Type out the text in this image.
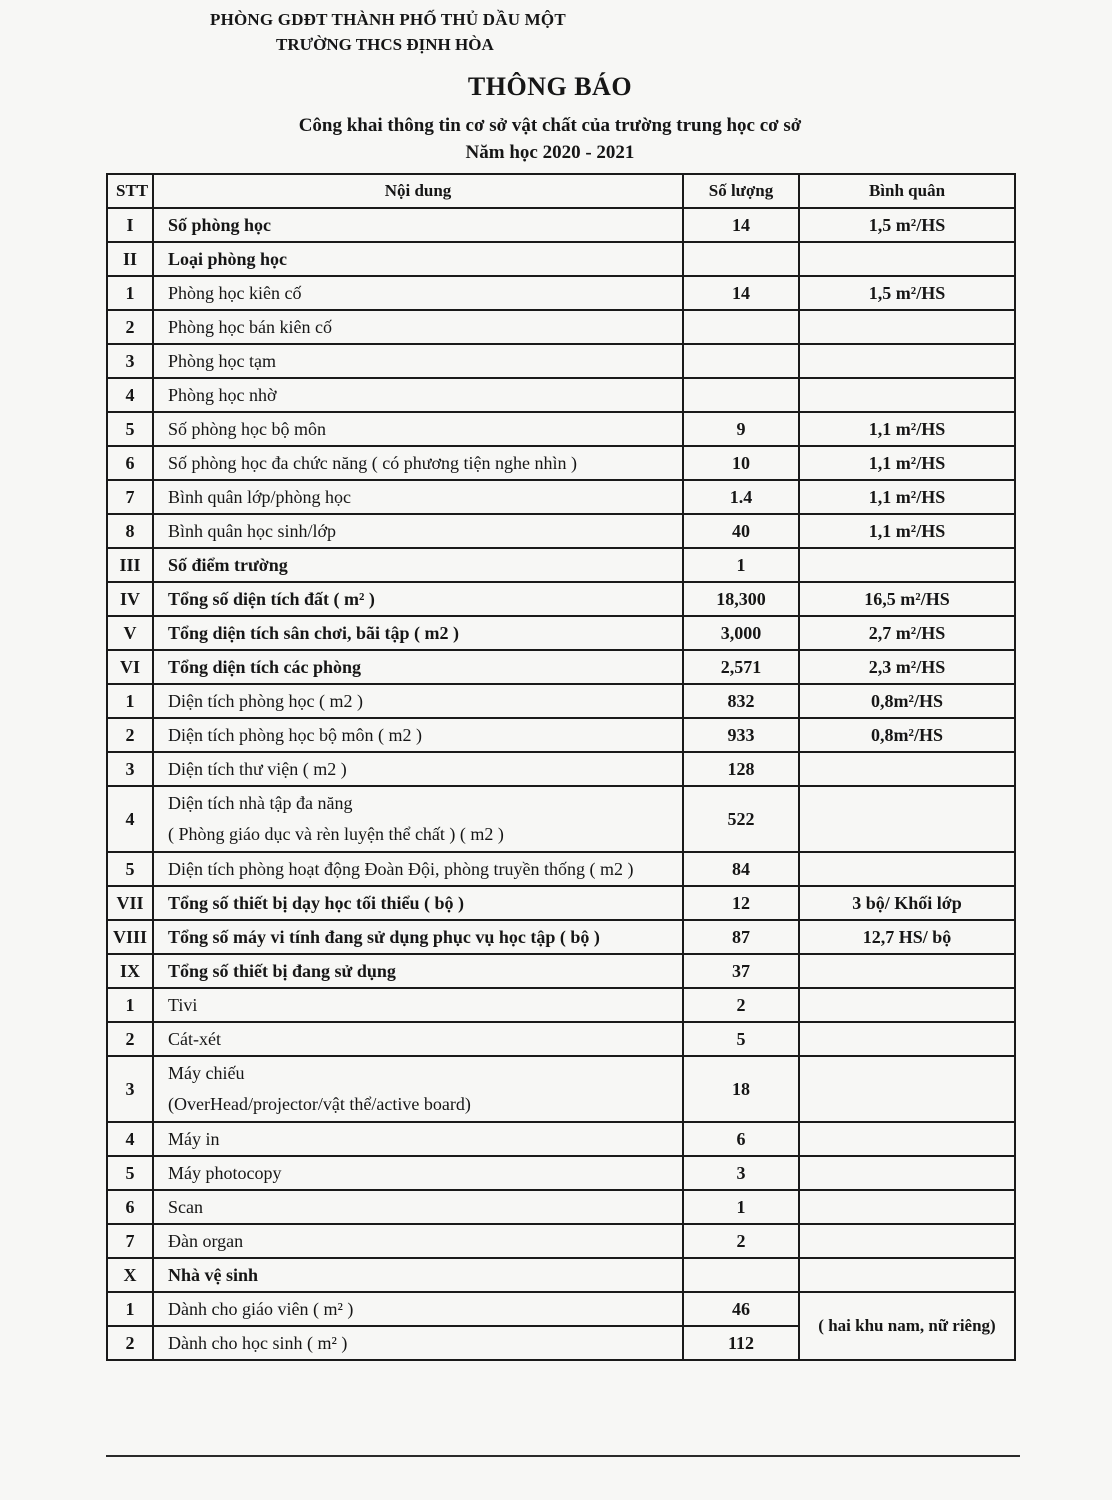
PHÒNG GDĐT THÀNH PHỐ THỦ DẦU MỘT
TRƯỜNG THCS ĐỊNH HÒA
THÔNG BÁO
Công khai thông tin cơ sở vật chất của trường trung học cơ sở
Năm học 2020 - 2021
STT	Nội dung	Số lượng	Bình quân
I	Số phòng học	14	1,5 m²/HS
II	Loại phòng học		
1	Phòng học kiên cố	14	1,5 m²/HS
2	Phòng học bán kiên cố		
3	Phòng học tạm		
4	Phòng học nhờ		
5	Số phòng học bộ môn	9	1,1 m²/HS
6	Số phòng học đa chức năng ( có phương tiện nghe nhìn )	10	1,1 m²/HS
7	Bình quân lớp/phòng học	1.4	1,1 m²/HS
8	Bình quân học sinh/lớp	40	1,1 m²/HS
III	Số điểm trường	1	
IV	Tổng số diện tích đất ( m² )	18,300	16,5 m²/HS
V	Tổng diện tích sân chơi, bãi tập ( m2 )	3,000	2,7 m²/HS
VI	Tổng diện tích các phòng	2,571	2,3 m²/HS
1	Diện tích phòng học ( m2 )	832	0,8m²/HS
2	Diện tích phòng học bộ môn ( m2 )	933	0,8m²/HS
3	Diện tích thư viện ( m2 )	128	
4	Diện tích nhà tập đa năng
( Phòng giáo dục và rèn luyện thể chất ) ( m2 )	522	
5	Diện tích phòng hoạt động Đoàn Đội, phòng truyền thống ( m2 )	84	
VII	Tổng số thiết bị dạy học tối thiểu ( bộ )	12	3 bộ/ Khối lớp
VIII	Tổng số máy vi tính đang sử dụng phục vụ học tập ( bộ )	87	12,7 HS/ bộ
IX	Tổng số thiết bị đang sử dụng	37	
1	Tivi	2	
2	Cát-xét	5	
3	Máy chiếu
(OverHead/projector/vật thể/active board)	18	
4	Máy in	6	
5	Máy photocopy	3	
6	Scan	1	
7	Đàn organ	2	
X	Nhà vệ sinh		
1	Dành cho giáo viên ( m² )	46	( hai khu nam, nữ riêng)
2	Dành cho học sinh ( m² )	112	
